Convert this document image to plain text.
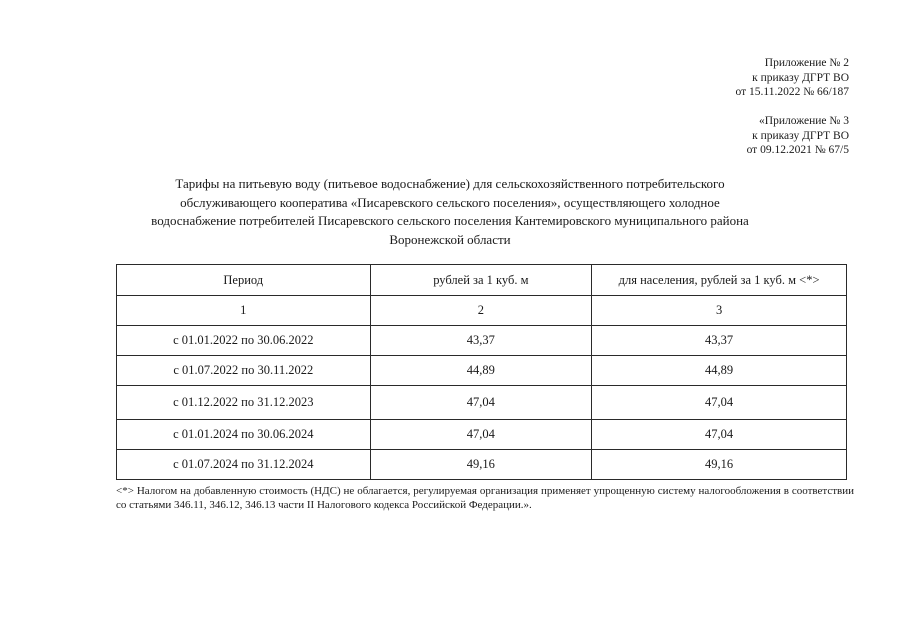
Приложение № 2
к приказу ДГРТ ВО
от 15.11.2022 № 66/187
«Приложение № 3
к приказу ДГРТ ВО
от 09.12.2021 № 67/5
Тарифы на питьевую воду (питьевое водоснабжение) для сельскохозяйственного потребительского
обслуживающего кооператива «Писаревского сельского поселения», осуществляющего холодное
водоснабжение потребителей Писаревского сельского поселения Кантемировского муниципального района
Воронежской области
Период	рублей за 1 куб. м	для населения, рублей за 1 куб. м <*>
1	2	3
с 01.01.2022 по 30.06.2022	43,37	43,37
с 01.07.2022 по 30.11.2022	44,89	44,89
с 01.12.2022 по 31.12.2023	47,04	47,04
с 01.01.2024 по 30.06.2024	47,04	47,04
с 01.07.2024 по 31.12.2024	49,16	49,16
<*> Налогом на добавленную стоимость (НДС) не облагается, регулируемая организация применяет упрощенную систему налогообложения в соответствии со статьями 346.11, 346.12, 346.13 части II Налогового кодекса Российской Федерации.».
